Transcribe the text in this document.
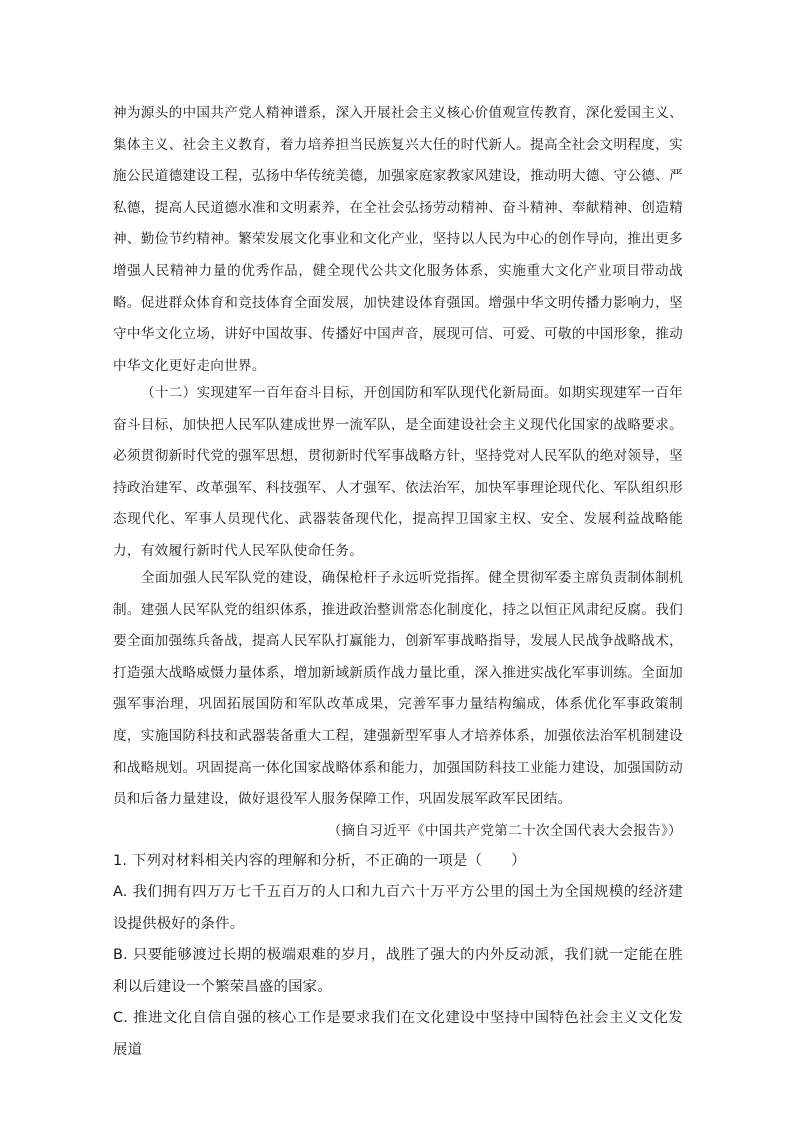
神为源头的中国共产党人精神谱系，深入开展社会主义核心价值观宣传教育，深化爱国主义、集体主义、社会主义教育，着力培养担当民族复兴大任的时代新人。提高全社会文明程度，实施公民道德建设工程，弘扬中华传统美德，加强家庭家教家风建设，推动明大德、守公德、严私德，提高人民道德水准和文明素养，在全社会弘扬劳动精神、奋斗精神、奉献精神、创造精神、勤俭节约精神。繁荣发展文化事业和文化产业，坚持以人民为中心的创作导向，推出更多增强人民精神力量的优秀作品，健全现代公共文化服务体系，实施重大文化产业项目带动战略。促进群众体育和竞技体育全面发展，加快建设体育强国。增强中华文明传播力影响力，坚守中华文化立场，讲好中国故事、传播好中国声音，展现可信、可爱、可敬的中国形象，推动中华文化更好走向世界。

（十二）实现建军一百年奋斗目标，开创国防和军队现代化新局面。如期实现建军一百年奋斗目标，加快把人民军队建成世界一流军队，是全面建设社会主义现代化国家的战略要求。必须贯彻新时代党的强军思想，贯彻新时代军事战略方针，坚持党对人民军队的绝对领导，坚持政治建军、改革强军、科技强军、人才强军、依法治军，加快军事理论现代化、军队组织形态现代化、军事人员现代化、武器装备现代化，提高捍卫国家主权、安全、发展利益战略能力，有效履行新时代人民军队使命任务。

全面加强人民军队党的建设，确保枪杆子永远听党指挥。健全贯彻军委主席负责制体制机制。建强人民军队党的组织体系，推进政治整训常态化制度化，持之以恒正风肃纪反腐。我们要全面加强练兵备战，提高人民军队打赢能力，创新军事战略指导，发展人民战争战略战术，打造强大战略威慑力量体系，增加新域新质作战力量比重，深入推进实战化军事训练。全面加强军事治理，巩固拓展国防和军队改革成果，完善军事力量结构编成，体系优化军事政策制度，实施国防科技和武器装备重大工程，建强新型军事人才培养体系，加强依法治军机制建设和战略规划。巩固提高一体化国家战略体系和能力，加强国防科技工业能力建设，加强国防动员和后备力量建设，做好退役军人服务保障工作，巩固发展军政军民团结。

（摘自习近平《中国共产党第二十次全国代表大会报告》）

1. 下列对材料相关内容的理解和分析，不正确的一项是（　　）

A. 我们拥有四万万七千五百万的人口和九百六十万平方公里的国土为全国规模的经济建设提供极好的条件。

B. 只要能够渡过长期的极端艰难的岁月，战胜了强大的内外反动派，我们就一定能在胜利以后建设一个繁荣昌盛的国家。

C. 推进文化自信自强的核心工作是要求我们在文化建设中坚持中国特色社会主义文化发展道
